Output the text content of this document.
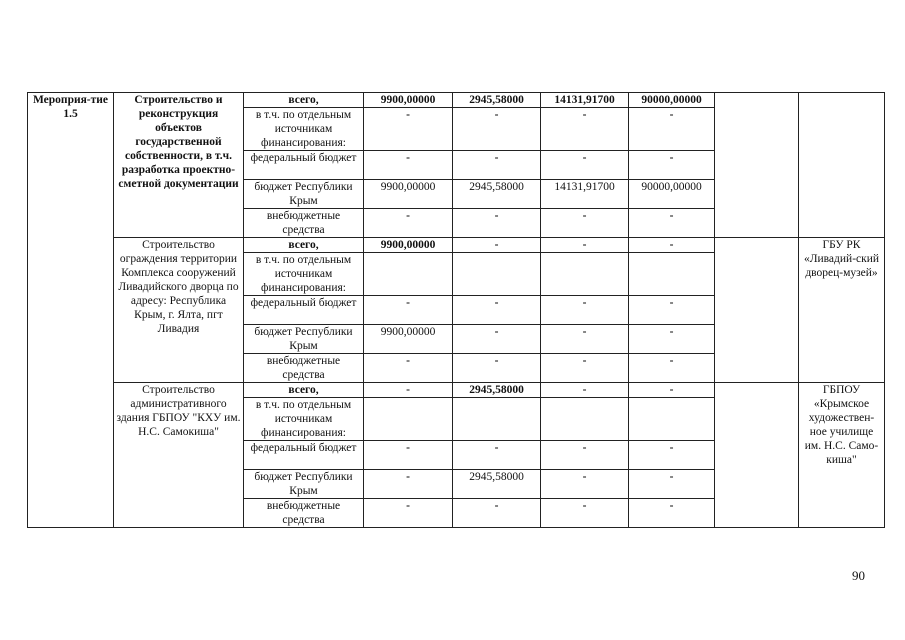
Мероприя-тие 1.5	Строительство и реконструкция объектов государственной собственности, в т.ч. разработка проектно-сметной документации	всего,	9900,00000	2945,58000	14131,91700	90000,00000		
		в т.ч. по отдельным источникам финансирования:	-	-	-	-		
		федеральный бюджет	-	-	-	-		
		бюджет Республики Крым	9900,00000	2945,58000	14131,91700	90000,00000		
		внебюджетные средства	-	-	-	-		
	Строительство ограждения территории Комплекса сооружений Ливадийского дворца по адресу: Республика Крым, г. Ялта, пгт Ливадия	всего,	9900,00000	-	-	-		ГБУ РК «Ливадий-ский дворец-музей»
		в т.ч. по отдельным источникам финансирования:						
		федеральный бюджет	-	-	-	-		
		бюджет Республики Крым	9900,00000	-	-	-		
		внебюджетные средства	-	-	-	-		
	Строительство административного здания ГБПОУ "КХУ им. Н.С. Самокиша"	всего,	-	2945,58000	-	-		ГБПОУ «Крымское художествен-ное училище им. Н.С. Само-киша"
		в т.ч. по отдельным источникам финансирования:						
		федеральный бюджет	-	-	-	-		
		бюджет Республики Крым	-	2945,58000	-	-		
		внебюджетные средства	-	-	-	-		
90
